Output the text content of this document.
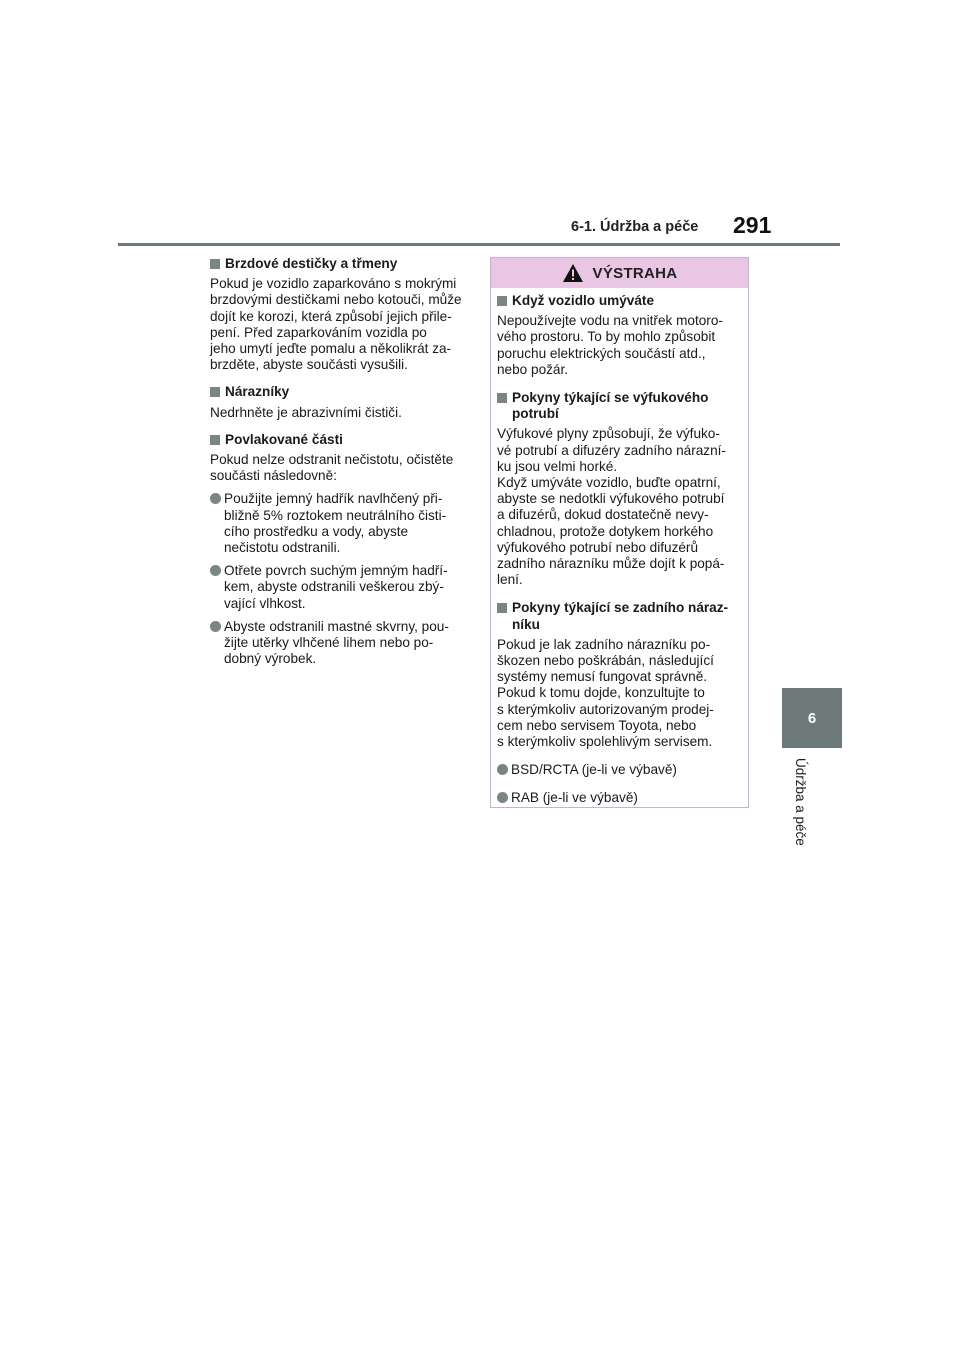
6-1. Údržba a péče 291
6
Údržba a péče
Brzdové destičky a třmeny
Pokud je vozidlo zaparkováno s mokrými
brzdovými destičkami nebo kotouči, může
dojít ke korozi, která způsobí jejich přile-
pení. Před zaparkováním vozidla po
jeho umytí jeďte pomalu a několikrát za-
brzděte, abyste součásti vysušili.
Nárazníky
Nedrhněte je abrazivními čističi.
Povlakované části
Pokud nelze odstranit nečistotu, očistěte
součásti následovně:
Použijte jemný hadřík navlhčený při-
bližně 5% roztokem neutrálního čisti-
cího prostředku a vody, abyste
nečistotu odstranili.
Otřete povrch suchým jemným hadří-
kem, abyste odstranili veškerou zbý-
vající vlhkost.
Abyste odstranili mastné skvrny, pou-
žijte utěrky vlhčené lihem nebo po-
dobný výrobek.
VÝSTRAHA
Když vozidlo umýváte
Nepoužívejte vodu na vnitřek motoro-
vého prostoru. To by mohlo způsobit
poruchu elektrických součástí atd.,
nebo požár.
Pokyny týkající se výfukového
potrubí
Výfukové plyny způsobují, že výfuko-
vé potrubí a difuzéry zadního nárazní-
ku jsou velmi horké.
Když umýváte vozidlo, buďte opatrní,
abyste se nedotkli výfukového potrubí
a difuzérů, dokud dostatečně nevy-
chladnou, protože dotykem horkého
výfukového potrubí nebo difuzérů
zadního nárazníku může dojít k popá-
lení.
Pokyny týkající se zadního náraz-
níku
Pokud je lak zadního nárazníku po-
škozen nebo poškrábán, následující
systémy nemusí fungovat správně.
Pokud k tomu dojde, konzultujte to
s kterýmkoliv autorizovaným prodej-
cem nebo servisem Toyota, nebo
s kterýmkoliv spolehlivým servisem.
BSD/RCTA (je-li ve výbavě)
RAB (je-li ve výbavě)
